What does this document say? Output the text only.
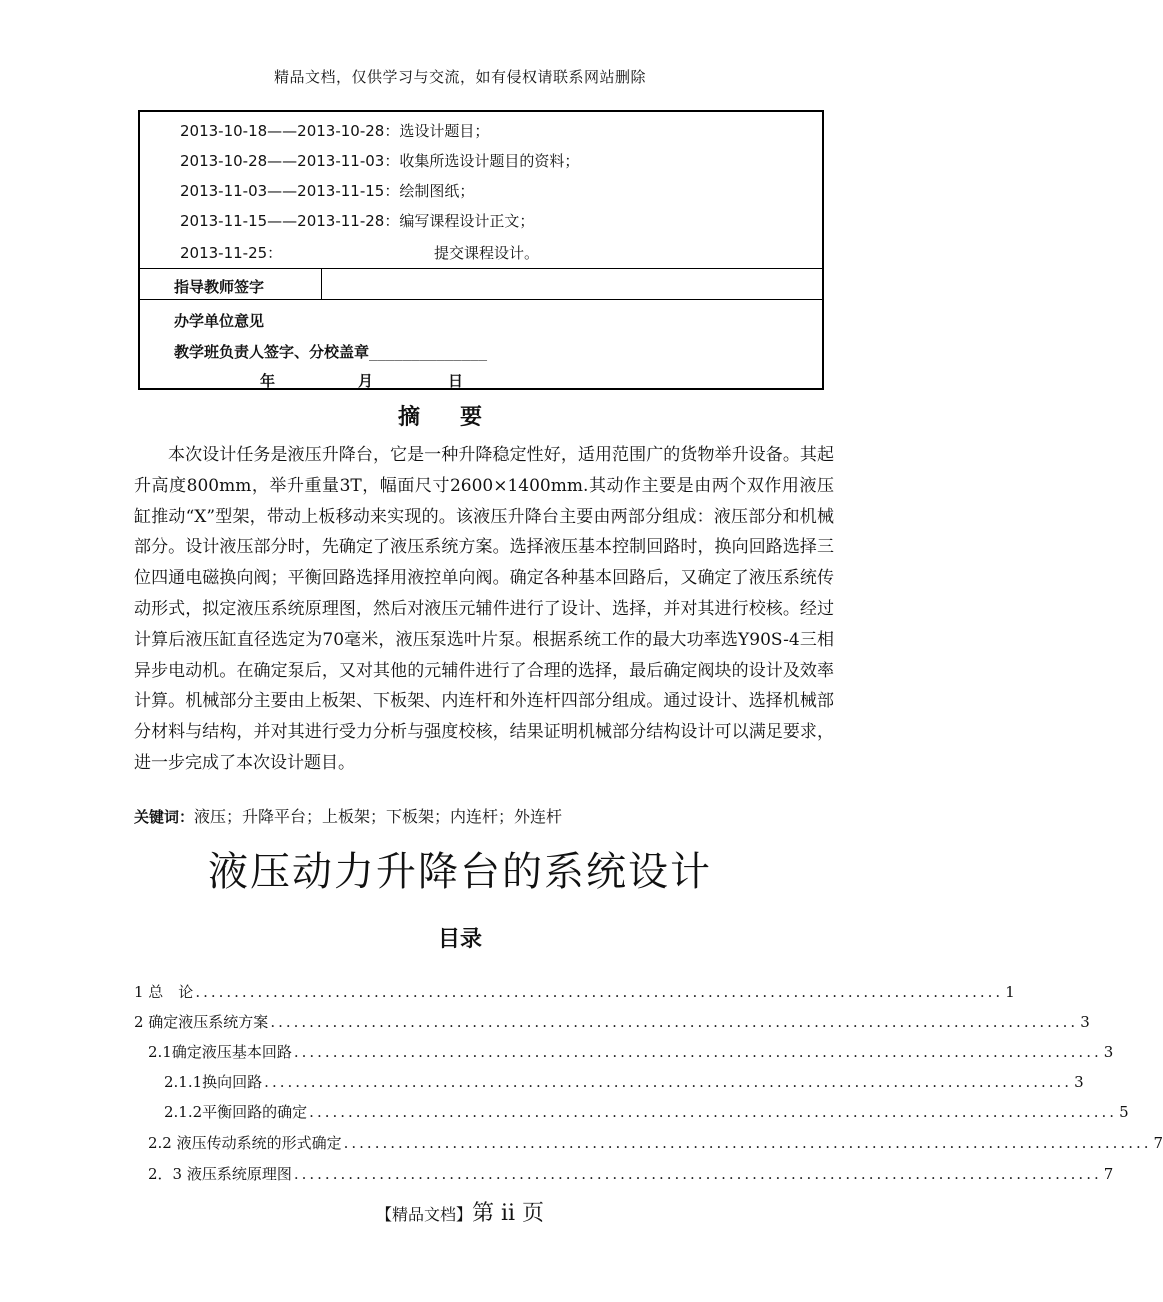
精品文档，仅供学习与交流，如有侵权请联系网站删除
2013-10-18——2013-10-28：选设计题目；
2013-10-28——2013-11-03：收集所选设计题目的资料；
2013-11-03——2013-11-15：绘制图纸；
2013-11-15——2013-11-28：编写课程设计正文；
2013-11-25：	提交课程设计。
指导教师签字
办学单位意见
教学班负责人签字、分校盖章______________
年	月	日
摘要

本次设计任务是液压升降台，它是一种升降稳定性好，适用范围广的货物举升设备。其起升高度800mm，举升重量3T，幅面尺寸2600×1400mm.其动作主要是由两个双作用液压缸推动“X”型架，带动上板移动来实现的。该液压升降台主要由两部分组成：液压部分和机械部分。设计液压部分时，先确定了液压系统方案。选择液压基本控制回路时，换向回路选择三位四通电磁换向阀；平衡回路选择用液控单向阀。确定各种基本回路后，又确定了液压系统传动形式，拟定液压系统原理图，然后对液压元辅件进行了设计、选择，并对其进行校核。经过计算后液压缸直径选定为70毫米，液压泵选叶片泵。根据系统工作的最大功率选Y90S-4三相异步电动机。在确定泵后，又对其他的元辅件进行了合理的选择，最后确定阀块的设计及效率计算。机械部分主要由上板架、下板架、内连杆和外连杆四部分组成。通过设计、选择机械部分材料与结构，并对其进行受力分析与强度校核，结果证明机械部分结构设计可以满足要求，进一步完成了本次设计题目。

关键词：液压；升降平台；上板架；下板架；内连杆；外连杆
液压动力升降台的系统设计
目录
1 总　论 ........................................................................................................ 1
2 确定液压系统方案 ........................................................................................................ 3
2.1确定液压基本回路 ........................................................................................................ 3
2.1.1换向回路 ........................................................................................................ 3
2.1.2平衡回路的确定 ........................................................................................................ 5
2.2 液压传动系统的形式确定 ........................................................................................................ 7
2．3 液压系统原理图 ........................................................................................................ 7
【精品文档】第 ii 页
